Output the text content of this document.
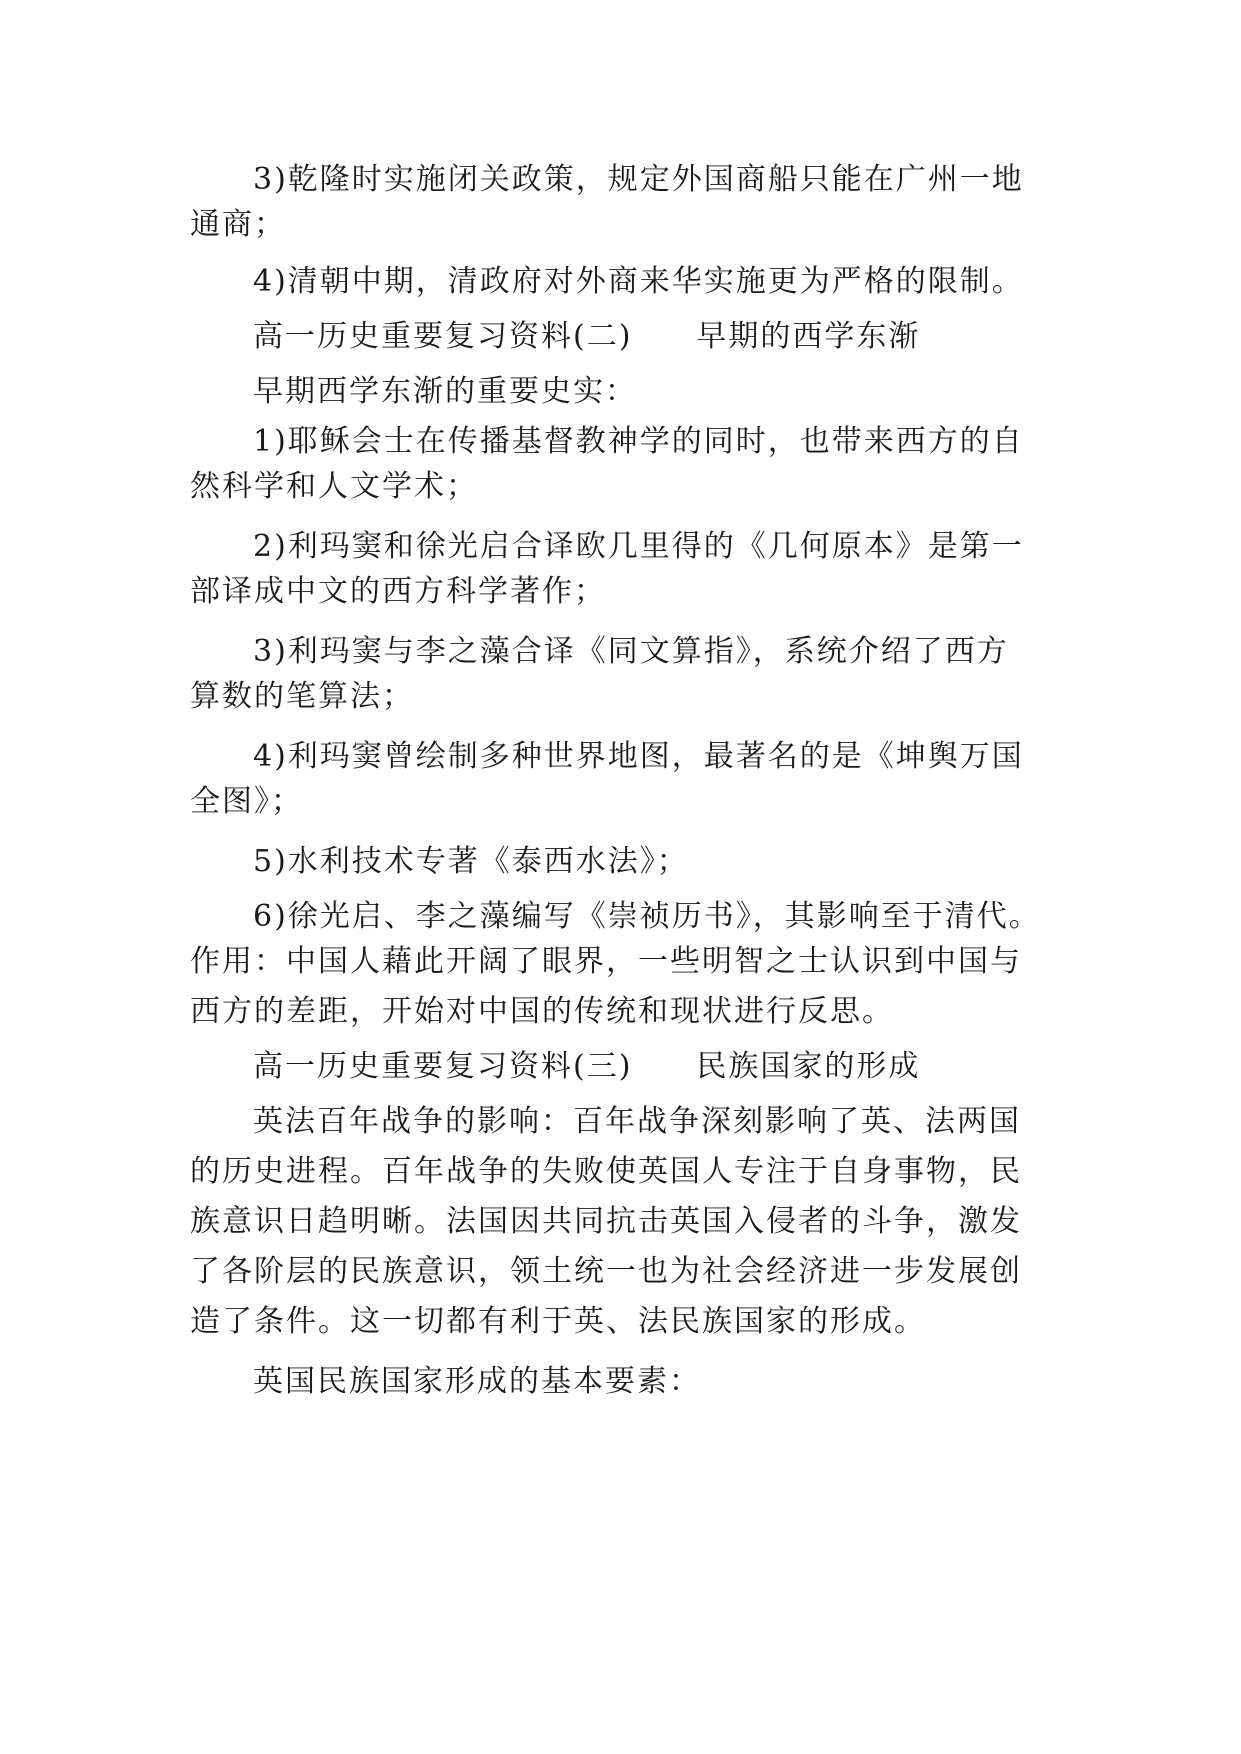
3)乾隆时实施闭关政策，规定外国商船只能在广州一地
通商；
4)清朝中期，清政府对外商来华实施更为严格的限制。
高一历史重要复习资料(二)　　早期的西学东渐
早期西学东渐的重要史实：
1)耶稣会士在传播基督教神学的同时，也带来西方的自
然科学和人文学术；
2)利玛窦和徐光启合译欧几里得的《几何原本》是第一
部译成中文的西方科学著作；
3)利玛窦与李之藻合译《同文算指》，系统介绍了西方
算数的笔算法；
4)利玛窦曾绘制多种世界地图，最著名的是《坤舆万国
全图》；
5)水利技术专著《泰西水法》；
6)徐光启、李之藻编写《崇祯历书》，其影响至于清代。
作用：中国人藉此开阔了眼界，一些明智之士认识到中国与
西方的差距，开始对中国的传统和现状进行反思。
高一历史重要复习资料(三)　　民族国家的形成
英法百年战争的影响：百年战争深刻影响了英、法两国
的历史进程。百年战争的失败使英国人专注于自身事物，民
族意识日趋明晰。法国因共同抗击英国入侵者的斗争，激发
了各阶层的民族意识，领土统一也为社会经济进一步发展创
造了条件。这一切都有利于英、法民族国家的形成。
英国民族国家形成的基本要素：
